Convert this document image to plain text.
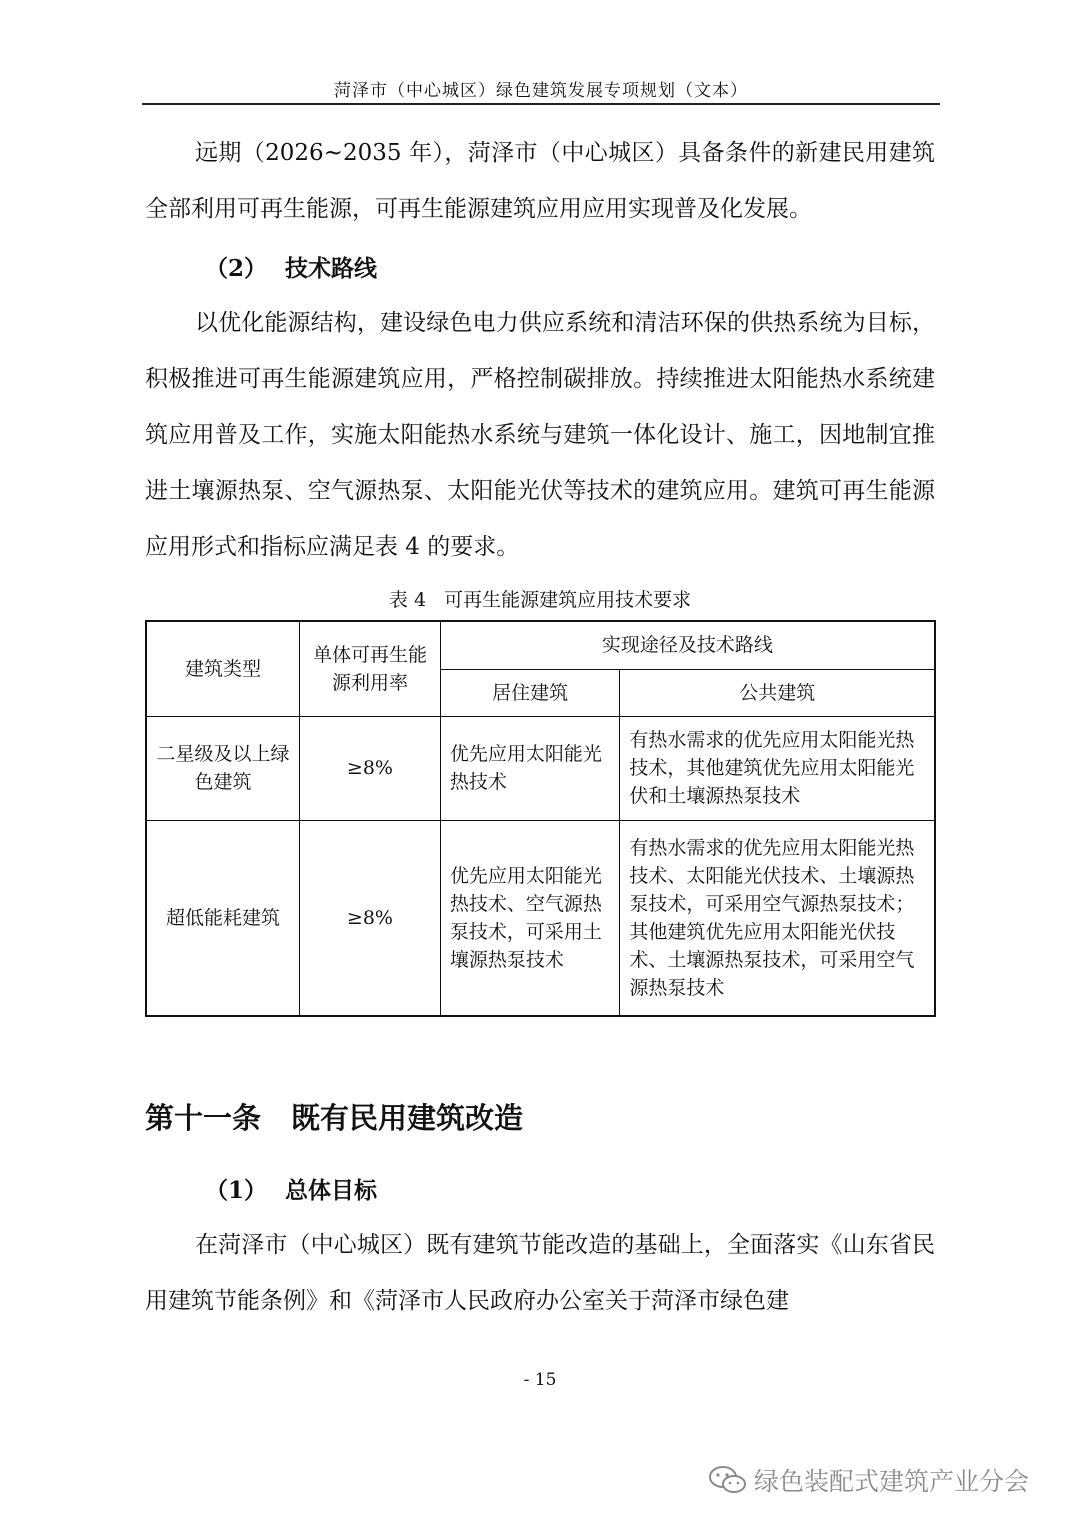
菏泽市（中心城区）绿色建筑发展专项规划（文本）

远期（2026~2035 年），菏泽市（中心城区）具备条件的新建民用建筑全部利用可再生能源，可再生能源建筑应用应用实现普及化发展。

（2） 技术路线

以优化能源结构，建设绿色电力供应系统和清洁环保的供热系统为目标，积极推进可再生能源建筑应用，严格控制碳排放。持续推进太阳能热水系统建筑应用普及工作，实施太阳能热水系统与建筑一体化设计、施工，因地制宜推进土壤源热泵、空气源热泵、太阳能光伏等技术的建筑应用。建筑可再生能源应用形式和指标应满足表 4 的要求。

表 4 可再生能源建筑应用技术要求
建筑类型	单体可再生能源利用率	实现途径及技术路线	
		居住建筑	公共建筑
二星级及以上绿色建筑	≥8%	优先应用太阳能光热技术	有热水需求的优先应用太阳能光热技术，其他建筑优先应用太阳能光伏和土壤源热泵技术
超低能耗建筑	≥8%	优先应用太阳能光热技术、空气源热泵技术，可采用土壤源热泵技术	有热水需求的优先应用太阳能光热技术、太阳能光伏技术、土壤源热泵技术，可采用空气源热泵技术；其他建筑优先应用太阳能光伏技术、土壤源热泵技术，可采用空气源热泵技术
第十一条 既有民用建筑改造
（1） 总体目标

在菏泽市（中心城区）既有建筑节能改造的基础上，全面落实《山东省民用建筑节能条例》和《菏泽市人民政府办公室关于菏泽市绿色建

- 15
绿色装配式建筑产业分会
